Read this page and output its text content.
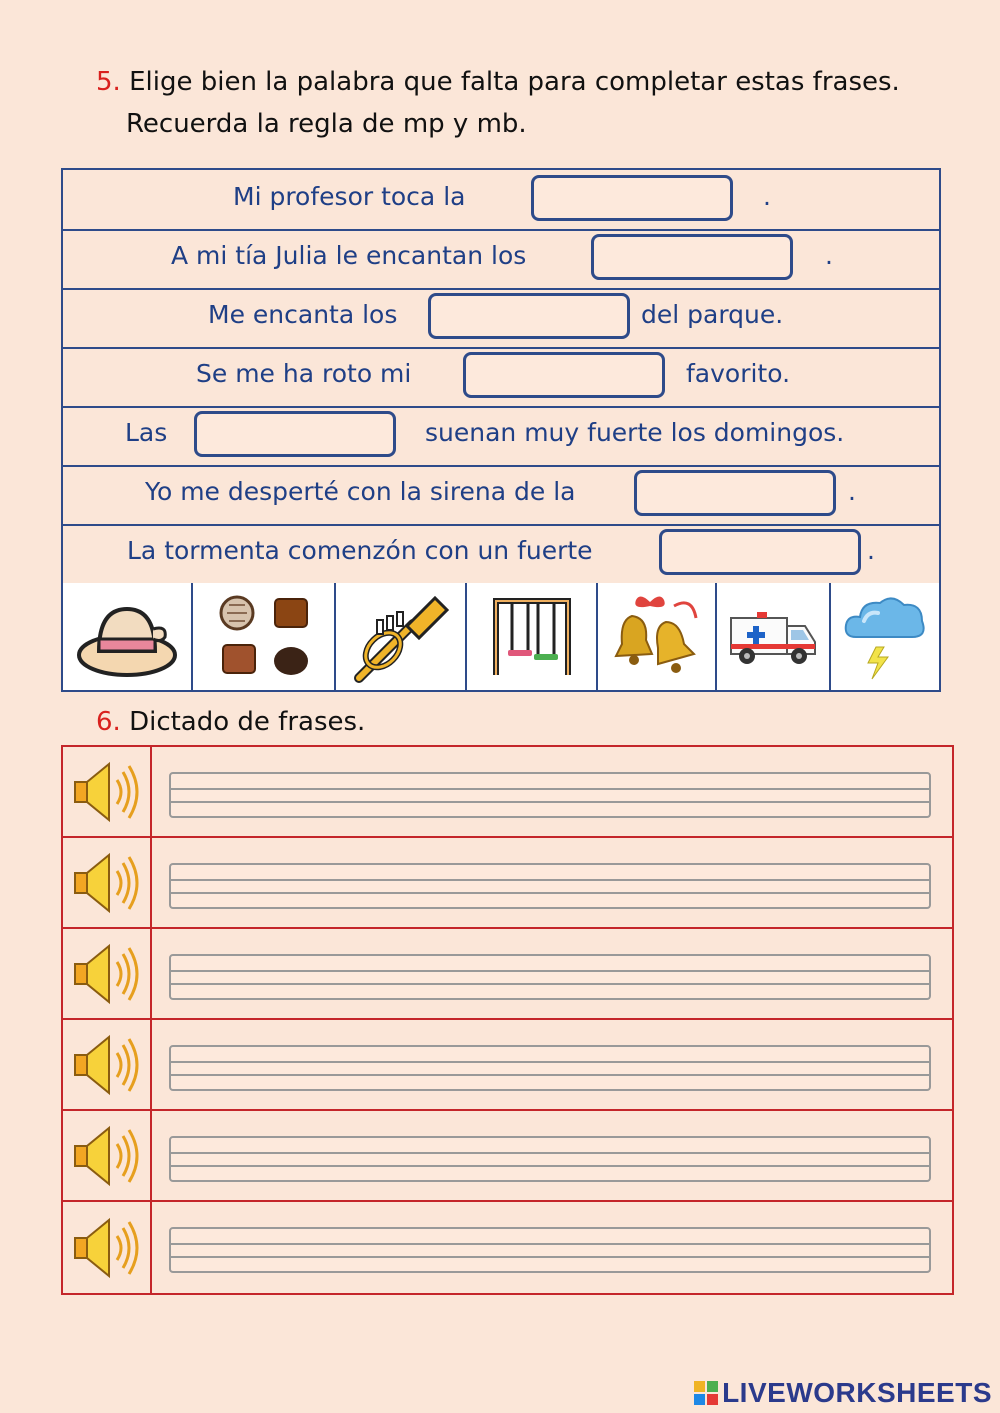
5. Elige bien la palabra que falta para completar estas frases.
Recuerda la regla de mp y mb.
Mi profesor toca la	.
A mi tía Julia le encantan los	.
Me encanta los	del parque.
Se me ha roto mi	favorito.
Las	suenan muy fuerte los domingos.
Yo me desperté con la sirena de la	.
La tormenta comenzón con un fuerte	.
6. Dictado de frases.
LIVEWORKSHEETS
